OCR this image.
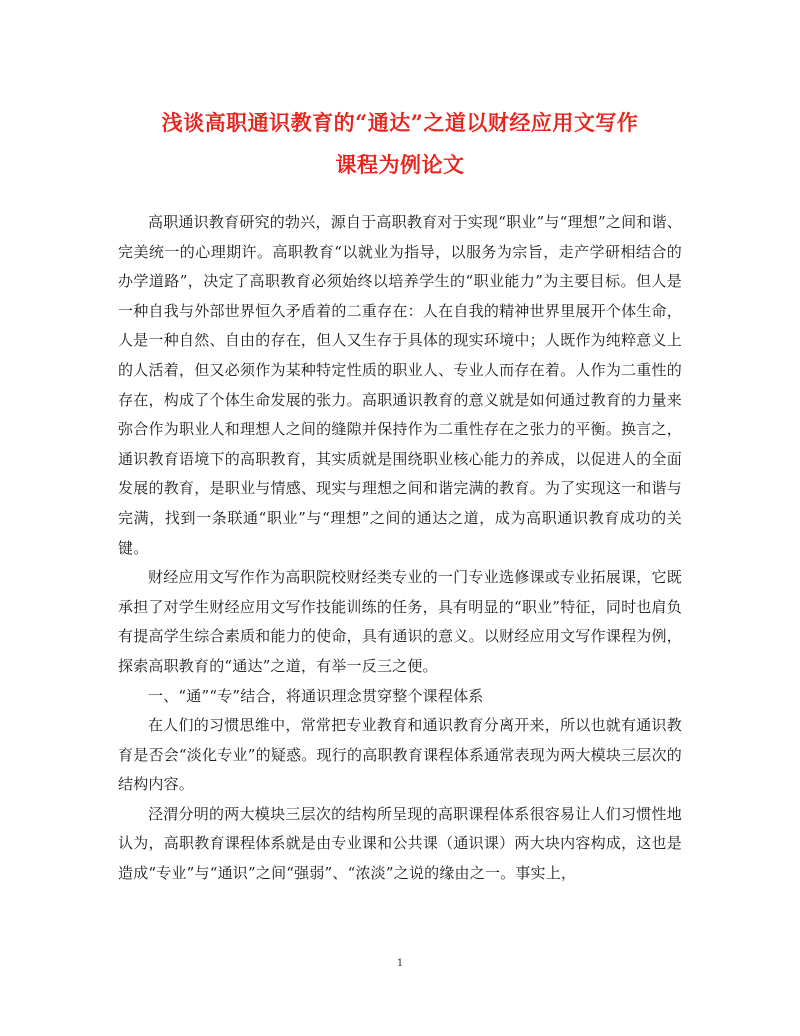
浅谈高职通识教育的“通达”之道以财经应用文写作
课程为例论文

高职通识教育研究的勃兴，源自于高职教育对于实现“职业”与“理想”之间和谐、完美统一的心理期许。高职教育“以就业为指导，以服务为宗旨，走产学研相结合的办学道路”，决定了高职教育必须始终以培养学生的“职业能力”为主要目标。但人是一种自我与外部世界恒久矛盾着的二重存在：人在自我的精神世界里展开个体生命，人是一种自然、自由的存在，但人又生存于具体的现实环境中；人既作为纯粹意义上的人活着，但又必须作为某种特定性质的职业人、专业人而存在着。人作为二重性的存在，构成了个体生命发展的张力。高职通识教育的意义就是如何通过教育的力量来弥合作为职业人和理想人之间的缝隙并保持作为二重性存在之张力的平衡。换言之，通识教育语境下的高职教育，其实质就是围绕职业核心能力的养成，以促进人的全面发展的教育，是职业与情感、现实与理想之间和谐完满的教育。为了实现这一和谐与完满，找到一条联通“职业”与“理想”之间的通达之道，成为高职通识教育成功的关键。

财经应用文写作作为高职院校财经类专业的一门专业选修课或专业拓展课，它既承担了对学生财经应用文写作技能训练的任务，具有明显的“职业”特征，同时也肩负有提高学生综合素质和能力的使命，具有通识的意义。以财经应用文写作课程为例，探索高职教育的“通达”之道，有举一反三之便。

一、“通”“专”结合，将通识理念贯穿整个课程体系

在人们的习惯思维中，常常把专业教育和通识教育分离开来，所以也就有通识教育是否会“淡化专业”的疑惑。现行的高职教育课程体系通常表现为两大模块三层次的结构内容。

泾渭分明的两大模块三层次的结构所呈现的高职课程体系很容易让人们习惯性地认为，高职教育课程体系就是由专业课和公共课（通识课）两大块内容构成，这也是造成“专业”与“通识”之间“强弱”、“浓淡”之说的缘由之一。事实上，

1
